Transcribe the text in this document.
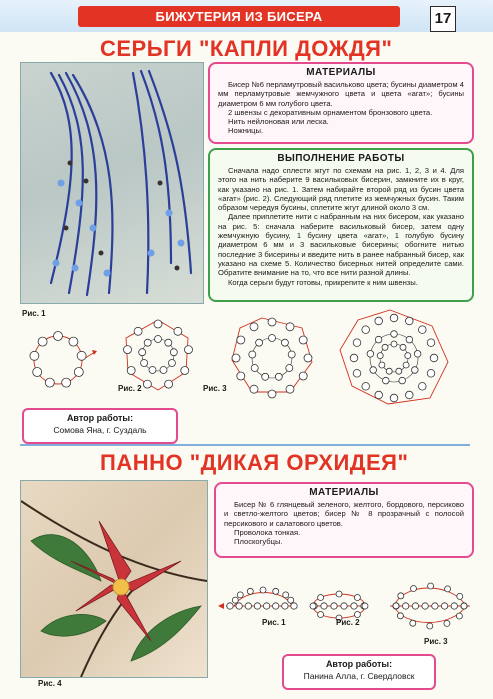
БИЖУТЕРИЯ ИЗ БИСЕРА	17
СЕРЬГИ "КАПЛИ ДОЖДЯ"
МАТЕРИАЛЫ

Бисер №6 перламутровый васильково цвета; бусины диаметром 4 мм перламутровые жемчужного цвета и цвета «агат»; бусины диаметром 6 мм голубого цвета.

2 швензы с декоративным орнаментом бронзового цвета.

Нить нейлоновая или леска.

Ножницы.

ВЫПОЛНЕНИЕ РАБОТЫ

Сначала надо сплести жгут по схемам на рис. 1, 2, 3 и 4. Для этого на нить наберите 9 васильковых бисерин, замкните их в круг, как указано на рис. 1. Затем набирайте второй ряд из бусин цвета «агат» (рис. 2). Следующий ряд плетите из жемчужных бусин. Таким образом чередуя бусины, сплетите жгут длиной около 3 см.

Далее приплетите нити с набранным на них бисером, как указано на рис. 5: сначала наберите васильковый бисер, затем одну жемчужную бусину, 1 бусину цвета «агат», 1 голубую бусину диаметром 6 мм и 3 васильковые бисерины; обогните нитью последние 3 бисерины и введите нить в ранее набранный бисер, как указано на схеме 5. Количество бисерных нитей определите сами. Обратите внимание на то, что все нити разной длины.

Когда серьги будут готовы, прикрепите к ним швензы.

Рис. 1
Рис. 2	Рис. 3
Автор работы:
Сомова Яна, г. Суздаль
ПАННО "ДИКАЯ ОРХИДЕЯ"
Рис. 4
МАТЕРИАЛЫ

Бисер № 6 глянцевый зеленого, желтого, бордового, персиково и светло-желтого цветов; бисер № 8 прозрачный с полосой персикового и салатового цветов.

Проволока тонкая.

Плоскогубцы.

Рис. 1	Рис. 2
Рис. 3
Автор работы:
Панина Алла, г. Свердловск
